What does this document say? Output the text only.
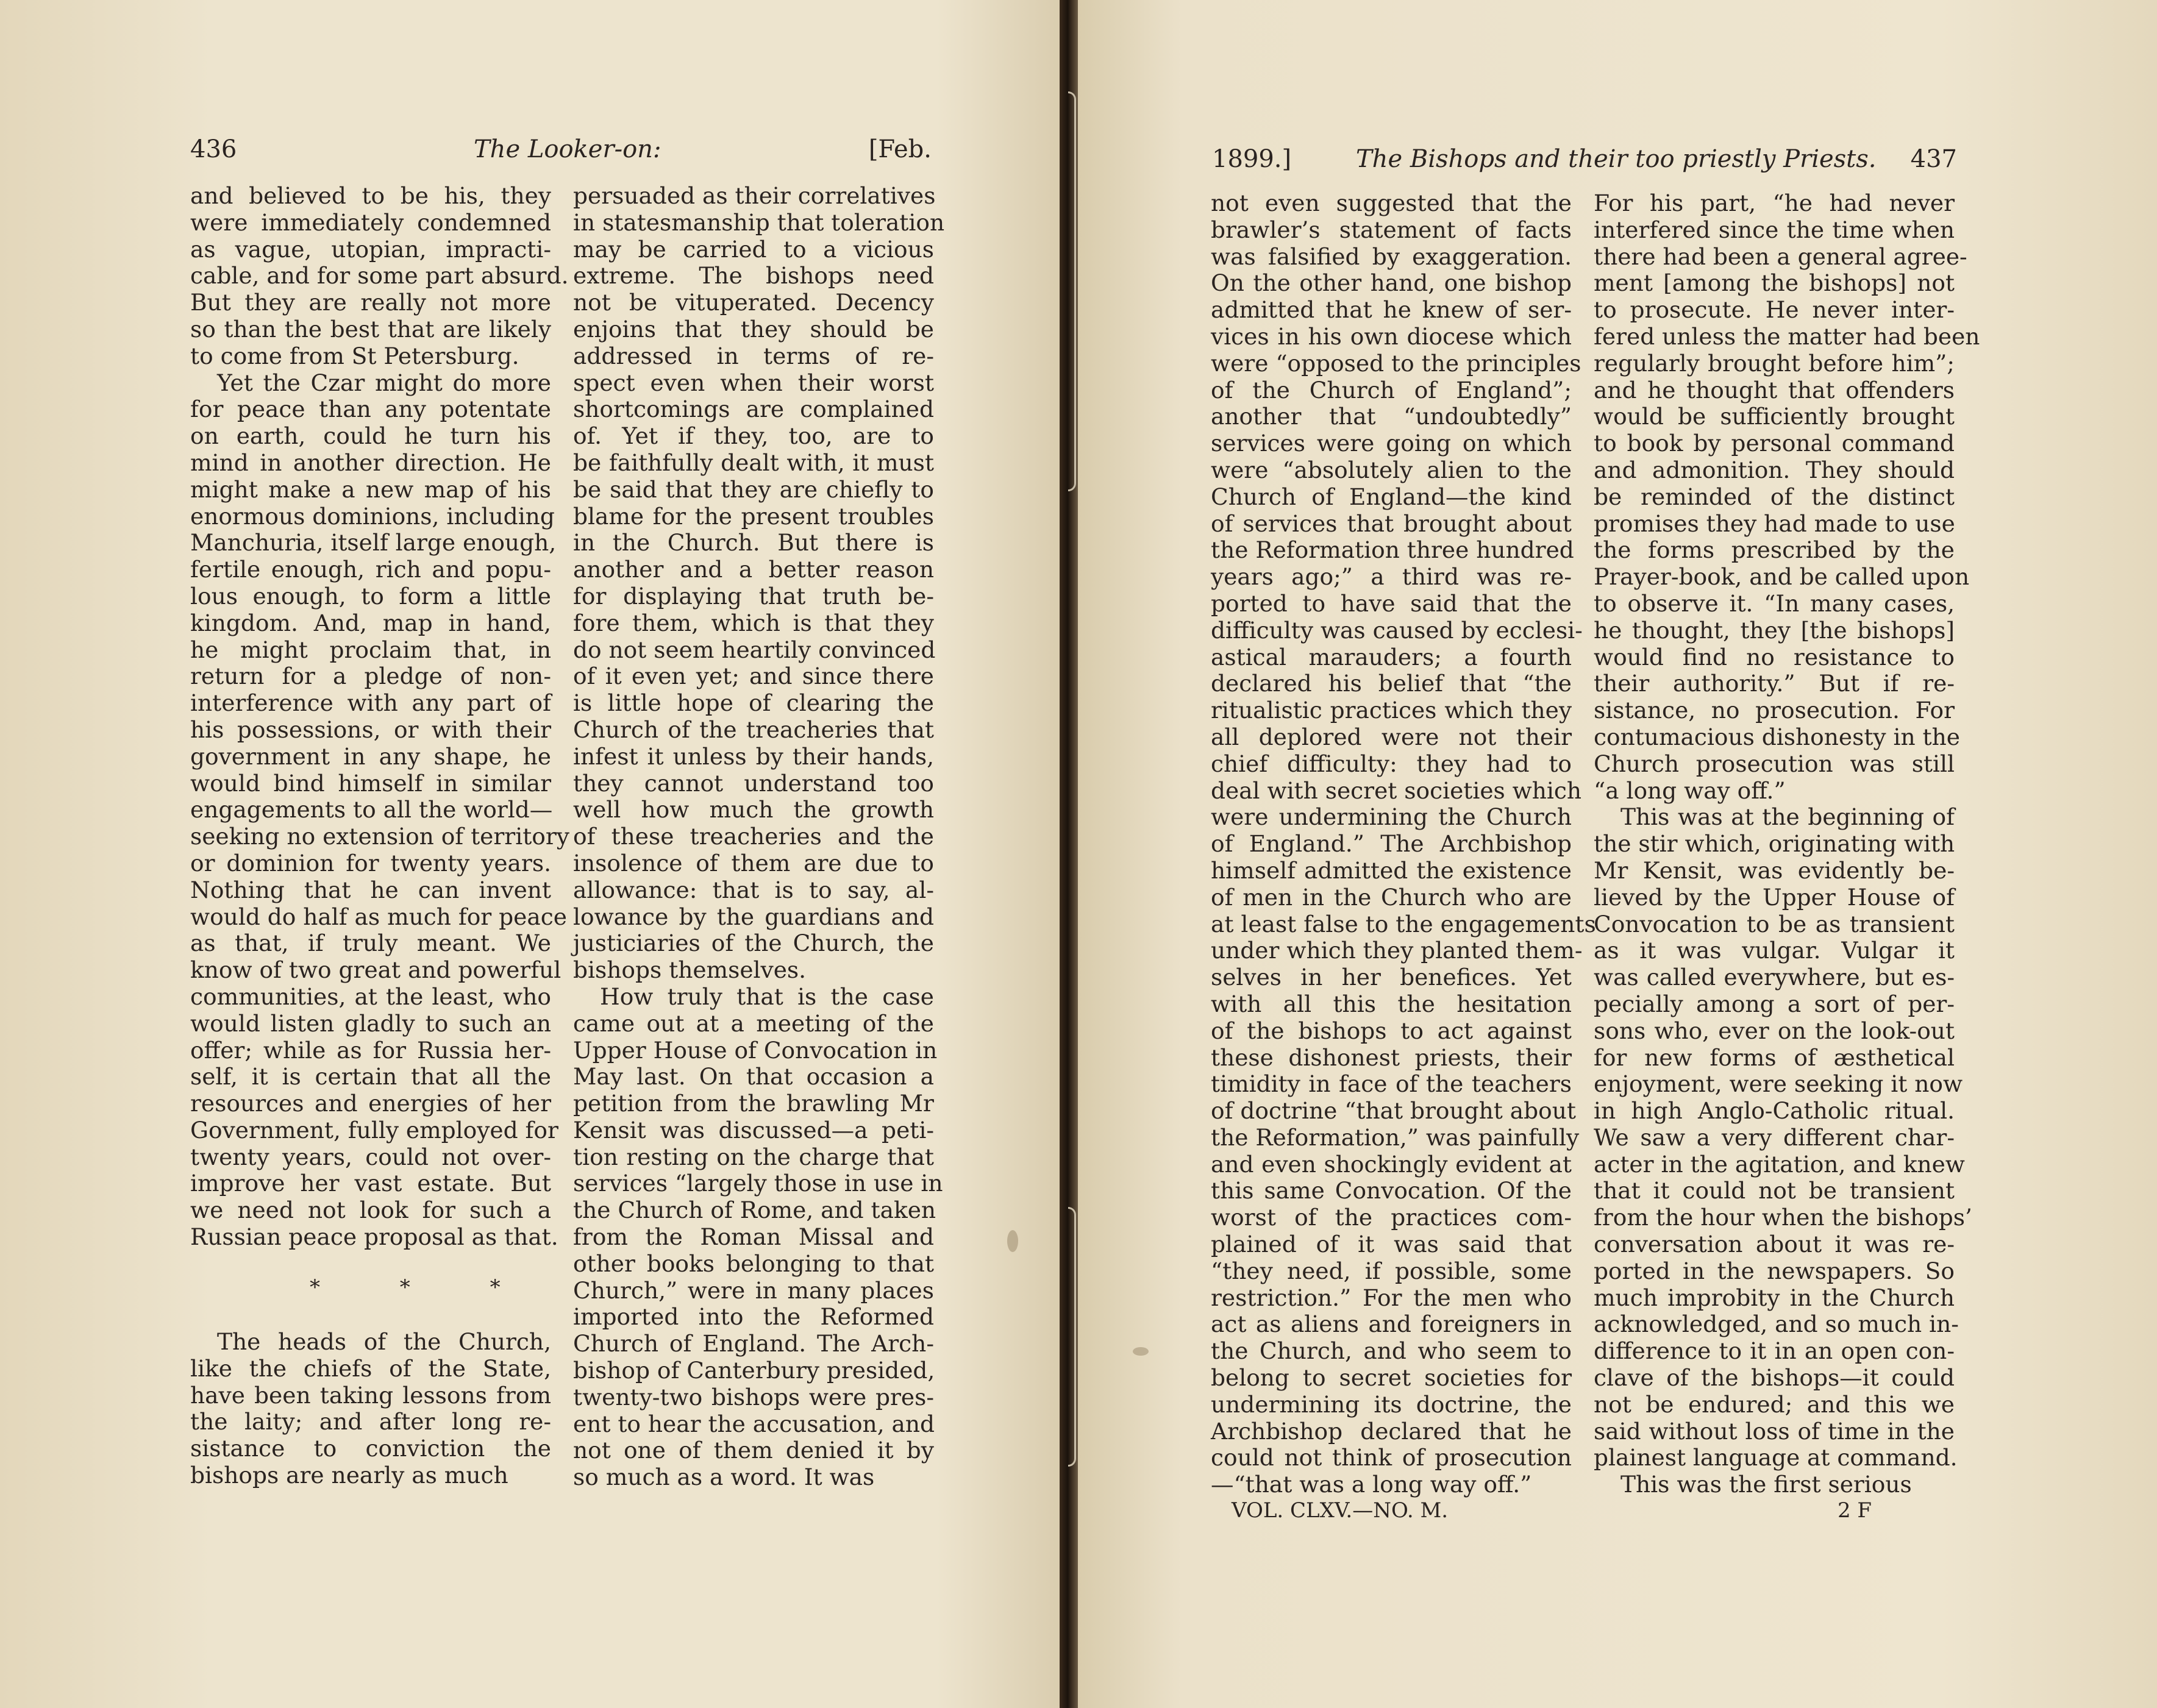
436	The Looker-on:	[Feb.
and believed to be his, they
were immediately condemned
as vague, utopian, impracti-
cable, and for some part absurd.
But they are really not more
so than the best that are likely
to come from St Petersburg.
Yet the Czar might do more
for peace than any potentate
on earth, could he turn his
mind in another direction. He
might make a new map of his
enormous dominions, including
Manchuria, itself large enough,
fertile enough, rich and popu-
lous enough, to form a little
kingdom. And, map in hand,
he might proclaim that, in
return for a pledge of non-
interference with any part of
his possessions, or with their
government in any shape, he
would bind himself in similar
engagements to all the world—
seeking no extension of territory
or dominion for twenty years.
Nothing that he can invent
would do half as much for peace
as that, if truly meant. We
know of two great and powerful
communities, at the least, who
would listen gladly to such an
offer; while as for Russia her-
self, it is certain that all the
resources and energies of her
Government, fully employed for
twenty years, could not over-
improve her vast estate. But
we need not look for such a
Russian peace proposal as that.
* * *
The heads of the Church,
like the chiefs of the State,
have been taking lessons from
the laity; and after long re-
sistance to conviction the
bishops are nearly as much
persuaded as their correlatives
in statesmanship that toleration
may be carried to a vicious
extreme. The bishops need
not be vituperated. Decency
enjoins that they should be
addressed in terms of re-
spect even when their worst
shortcomings are complained
of. Yet if they, too, are to
be faithfully dealt with, it must
be said that they are chiefly to
blame for the present troubles
in the Church. But there is
another and a better reason
for displaying that truth be-
fore them, which is that they
do not seem heartily convinced
of it even yet; and since there
is little hope of clearing the
Church of the treacheries that
infest it unless by their hands,
they cannot understand too
well how much the growth
of these treacheries and the
insolence of them are due to
allowance: that is to say, al-
lowance by the guardians and
justiciaries of the Church, the
bishops themselves.
How truly that is the case
came out at a meeting of the
Upper House of Convocation in
May last. On that occasion a
petition from the brawling Mr
Kensit was discussed—a peti-
tion resting on the charge that
services “largely those in use in
the Church of Rome, and taken
from the Roman Missal and
other books belonging to that
Church,” were in many places
imported into the Reformed
Church of England. The Arch-
bishop of Canterbury presided,
twenty-two bishops were pres-
ent to hear the accusation, and
not one of them denied it by
so much as a word. It was
1899.]	The Bishops and their too priestly Priests. 437
not even suggested that the
brawler’s statement of facts
was falsified by exaggeration.
On the other hand, one bishop
admitted that he knew of ser-
vices in his own diocese which
were “opposed to the principles
of the Church of England”;
another that “undoubtedly”
services were going on which
were “absolutely alien to the
Church of England—the kind
of services that brought about
the Reformation three hundred
years ago;” a third was re-
ported to have said that the
difficulty was caused by ecclesi-
astical marauders; a fourth
declared his belief that “the
ritualistic practices which they
all deplored were not their
chief difficulty: they had to
deal with secret societies which
were undermining the Church
of England.” The Archbishop
himself admitted the existence
of men in the Church who are
at least false to the engagements
under which they planted them-
selves in her benefices. Yet
with all this the hesitation
of the bishops to act against
these dishonest priests, their
timidity in face of the teachers
of doctrine “that brought about
the Reformation,” was painfully
and even shockingly evident at
this same Convocation. Of the
worst of the practices com-
plained of it was said that
“they need, if possible, some
restriction.” For the men who
act as aliens and foreigners in
the Church, and who seem to
belong to secret societies for
undermining its doctrine, the
Archbishop declared that he
could not think of prosecution
—“that was a long way off.”
For his part, “he had never
interfered since the time when
there had been a general agree-
ment [among the bishops] not
to prosecute. He never inter-
fered unless the matter had been
regularly brought before him”;
and he thought that offenders
would be sufficiently brought
to book by personal command
and admonition. They should
be reminded of the distinct
promises they had made to use
the forms prescribed by the
Prayer-book, and be called upon
to observe it. “In many cases,
he thought, they [the bishops]
would find no resistance to
their authority.” But if re-
sistance, no prosecution. For
contumacious dishonesty in the
Church prosecution was still
“a long way off.”
This was at the beginning of
the stir which, originating with
Mr Kensit, was evidently be-
lieved by the Upper House of
Convocation to be as transient
as it was vulgar. Vulgar it
was called everywhere, but es-
pecially among a sort of per-
sons who, ever on the look-out
for new forms of æsthetical
enjoyment, were seeking it now
in high Anglo-Catholic ritual.
We saw a very different char-
acter in the agitation, and knew
that it could not be transient
from the hour when the bishops’
conversation about it was re-
ported in the newspapers. So
much improbity in the Church
acknowledged, and so much in-
difference to it in an open con-
clave of the bishops—it could
not be endured; and this we
said without loss of time in the
plainest language at command.
This was the first serious
VOL. CLXV.—NO. M.	2 F
